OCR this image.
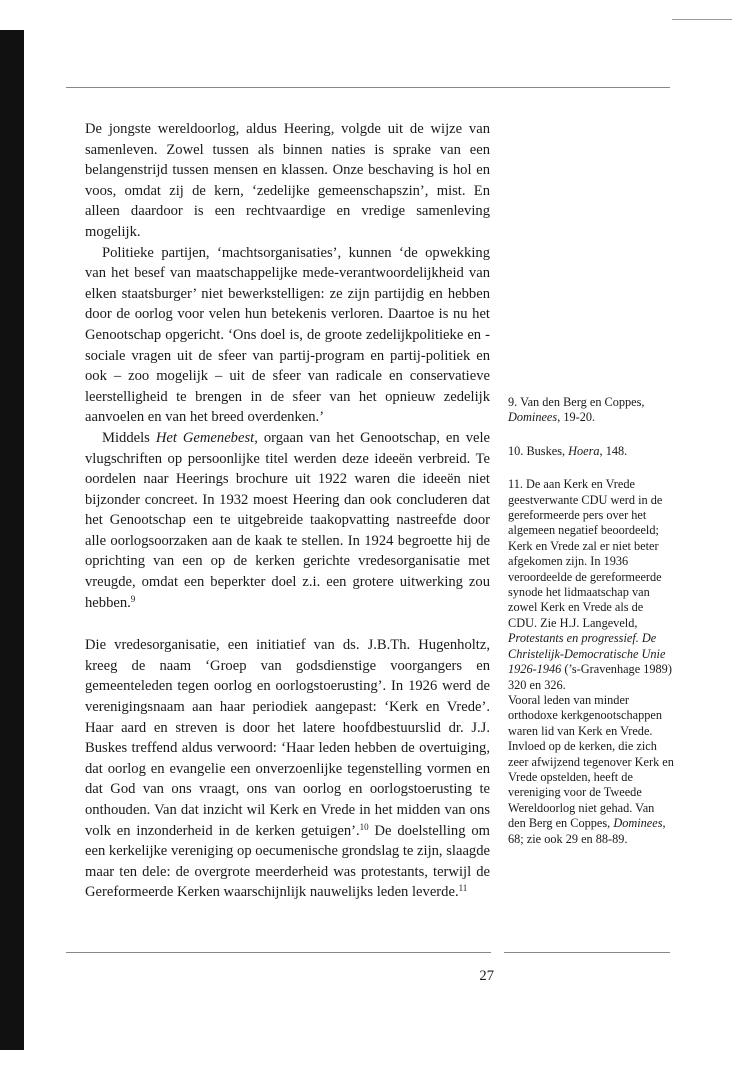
De jongste wereldoorlog, aldus Heering, volgde uit de wijze van samenleven. Zowel tussen als binnen naties is sprake van een belangenstrijd tussen mensen en klassen. Onze beschaving is hol en voos, omdat zij de kern, ‘zedelijke gemeenschapszin’, mist. En alleen daardoor is een rechtvaardige en vredige samenleving mogelijk.

Politieke partijen, ‘machtsorganisaties’, kunnen ‘de opwekking van het besef van maatschappelijke mede-verantwoordelijkheid van elken staatsburger’ niet bewerkstelligen: ze zijn partijdig en hebben door de oorlog voor velen hun betekenis verloren. Daartoe is nu het Genootschap opgericht. ‘Ons doel is, de groote zedelijkpolitieke en -sociale vragen uit de sfeer van partij-program en partij-politiek en ook – zoo mogelijk – uit de sfeer van radicale en conservatieve leerstelligheid te brengen in de sfeer van het opnieuw zedelijk aanvoelen en van het breed overdenken.’

Middels Het Gemenebest, orgaan van het Genootschap, en vele vlugschriften op persoonlijke titel werden deze ideeën verbreid. Te oordelen naar Heerings brochure uit 1922 waren die ideeën niet bijzonder concreet. In 1932 moest Heering dan ook concluderen dat het Genootschap een te uitgebreide taakopvatting nastreefde door alle oorlogsoorzaken aan de kaak te stellen. In 1924 begroette hij de oprichting van een op de kerken gerichte vredesorganisatie met vreugde, omdat een beperkter doel z.i. een grotere uitwerking zou hebben.$^9$

Die vredesorganisatie, een initiatief van ds. J.B.Th. Hugenholtz, kreeg de naam ‘Groep van godsdienstige voorgangers en gemeenteleden tegen oorlog en oorlogstoerusting’. In 1926 werd de verenigingsnaam aan haar periodiek aangepast: ‘Kerk en Vrede’. Haar aard en streven is door het latere hoofdbestuurslid dr. J.J. Buskes treffend aldus verwoord: ‘Haar leden hebben de overtuiging, dat oorlog en evangelie een onverzoenlijke tegenstelling vormen en dat God van ons vraagt, ons van oorlog en oorlogstoerusting te onthouden. Van dat inzicht wil Kerk en Vrede in het midden van ons volk en inzonderheid in de kerken getuigen’.$^{10}$ De doelstelling om een kerkelijke vereniging op oecumenische grondslag te zijn, slaagde maar ten dele: de overgrote meerderheid was protestants, terwijl de Gereformeerde Kerken waarschijnlijk nauwelijks leden leverde.$^{11}$

9. Van den Berg en Coppes, Dominees, 19-20.

10. Buskes, Hoera, 148.

11. De aan Kerk en Vrede geestverwante CDU werd in de gereformeerde pers over het algemeen negatief beoordeeld; Kerk en Vrede zal er niet beter afgekomen zijn. In 1936 veroordeelde de gereformeerde synode het lidmaatschap van zowel Kerk en Vrede als de CDU. Zie H.J. Langeveld, Protestants en progressief. De Christelijk-Democratische Unie 1926-1946 (’s-Gravenhage 1989) 320 en 326.

Vooral leden van minder orthodoxe kerkgenootschappen waren lid van Kerk en Vrede. Invloed op de kerken, die zich zeer afwijzend tegenover Kerk en Vrede opstelden, heeft de vereniging voor de Tweede Wereldoorlog niet gehad. Van den Berg en Coppes, Dominees, 68; zie ook 29 en 88-89.

27
